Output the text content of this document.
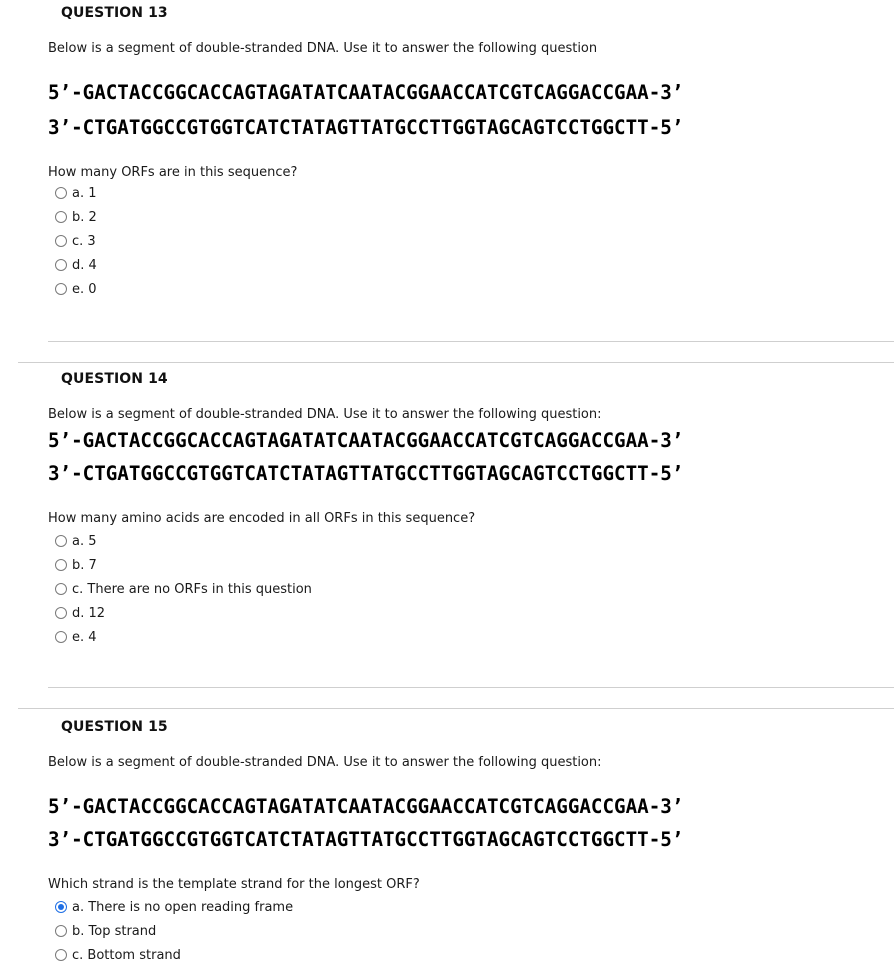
QUESTION 13
Below is a segment of double-stranded DNA. Use it to answer the following question
5’-GACTACCGGCACCAGTAGATATCAATACGGAACCATCGTCAGGACCGAA-3’
3’-CTGATGGCCGTGGTCATCTATAGTTATGCCTTGGTAGCAGTCCTGGCTT-5’
How many ORFs are in this sequence?
a. 1
b. 2
c. 3
d. 4
e. 0
QUESTION 14
Below is a segment of double-stranded DNA. Use it to answer the following question:
5’-GACTACCGGCACCAGTAGATATCAATACGGAACCATCGTCAGGACCGAA-3’
3’-CTGATGGCCGTGGTCATCTATAGTTATGCCTTGGTAGCAGTCCTGGCTT-5’
How many amino acids are encoded in all ORFs in this sequence?
a. 5
b. 7
c. There are no ORFs in this question
d. 12
e. 4
QUESTION 15
Below is a segment of double-stranded DNA. Use it to answer the following question:
5’-GACTACCGGCACCAGTAGATATCAATACGGAACCATCGTCAGGACCGAA-3’
3’-CTGATGGCCGTGGTCATCTATAGTTATGCCTTGGTAGCAGTCCTGGCTT-5’
Which strand is the template strand for the longest ORF?
a. There is no open reading frame
b. Top strand
c. Bottom strand
